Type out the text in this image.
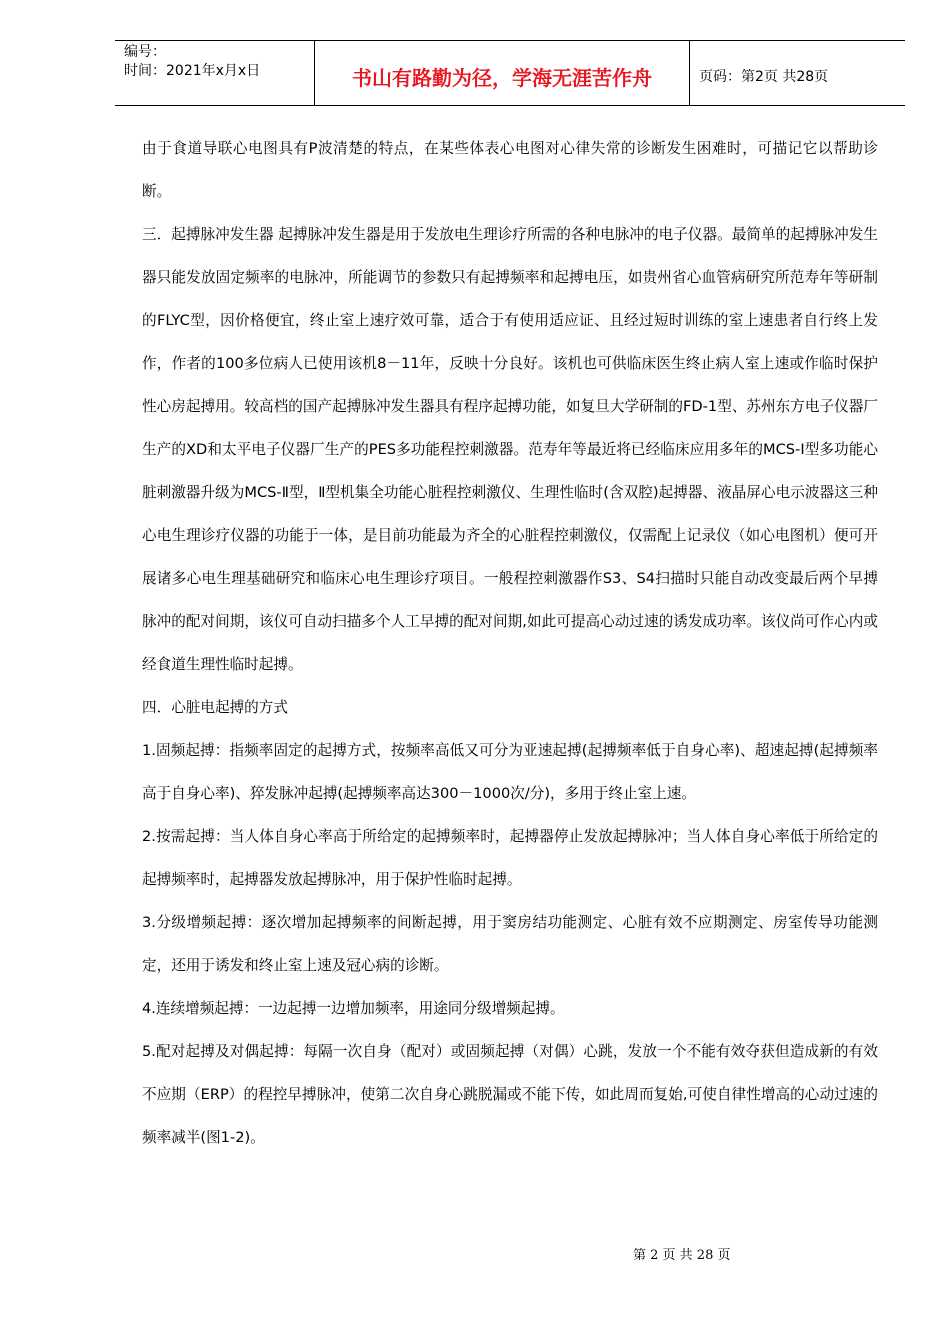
编号：
时间：2021年x月x日	书山有路勤为径，学海无涯苦作舟	页码：第2页 共28页

由于食道导联心电图具有P波清楚的特点，在某些体表心电图对心律失常的诊断发生困难时，可描记它以帮助诊断。

三．起搏脉冲发生器 起搏脉冲发生器是用于发放电生理诊疗所需的各种电脉冲的电子仪器。最简单的起搏脉冲发生器只能发放固定频率的电脉冲，所能调节的参数只有起搏频率和起搏电压，如贵州省心血管病研究所范寿年等研制的FLYC型，因价格便宜，终止室上速疗效可靠，适合于有使用适应证、且经过短时训练的室上速患者自行终上发作，作者的100多位病人已使用该机8－11年，反映十分良好。该机也可供临床医生终止病人室上速或作临时保护性心房起搏用。较高档的国产起搏脉冲发生器具有程序起搏功能，如复旦大学研制的FD-1型、苏州东方电子仪器厂生产的XD和太平电子仪器厂生产的PES多功能程控刺激器。范寿年等最近将已经临床应用多年的MCS-I型多功能心脏刺激器升级为MCS-Ⅱ型，Ⅱ型机集全功能心脏程控刺激仪、生理性临时(含双腔)起搏器、液晶屏心电示波器这三种心电生理诊疗仪器的功能于一体，是目前功能最为齐全的心脏程控刺激仪，仅需配上记录仪（如心电图机）便可开展诸多心电生理基础研究和临床心电生理诊疗项目。一般程控刺激器作S3、S4扫描时只能自动改变最后两个早搏脉冲的配对间期，该仪可自动扫描多个人工早搏的配对间期,如此可提高心动过速的诱发成功率。该仪尚可作心内或经食道生理性临时起搏。

四．心脏电起搏的方式

1.固频起搏：指频率固定的起搏方式，按频率高低又可分为亚速起搏(起搏频率低于自身心率)、超速起搏(起搏频率高于自身心率)、猝发脉冲起搏(起搏频率高达300－1000次/分)，多用于终止室上速。

2.按需起搏：当人体自身心率高于所给定的起搏频率时，起搏器停止发放起搏脉冲；当人体自身心率低于所给定的起搏频率时，起搏器发放起搏脉冲，用于保护性临时起搏。

3.分级增频起搏：逐次增加起搏频率的间断起搏，用于窦房结功能测定、心脏有效不应期测定、房室传导功能测定，还用于诱发和终止室上速及冠心病的诊断。

4.连续增频起搏：一边起搏一边增加频率，用途同分级增频起搏。

5.配对起搏及对偶起搏：每隔一次自身（配对）或固频起搏（对偶）心跳，发放一个不能有效夺获但造成新的有效不应期（ERP）的程控早搏脉冲，使第二次自身心跳脱漏或不能下传，如此周而复始,可使自律性增高的心动过速的频率减半(图1-2)。

第 2 页 共 28 页
